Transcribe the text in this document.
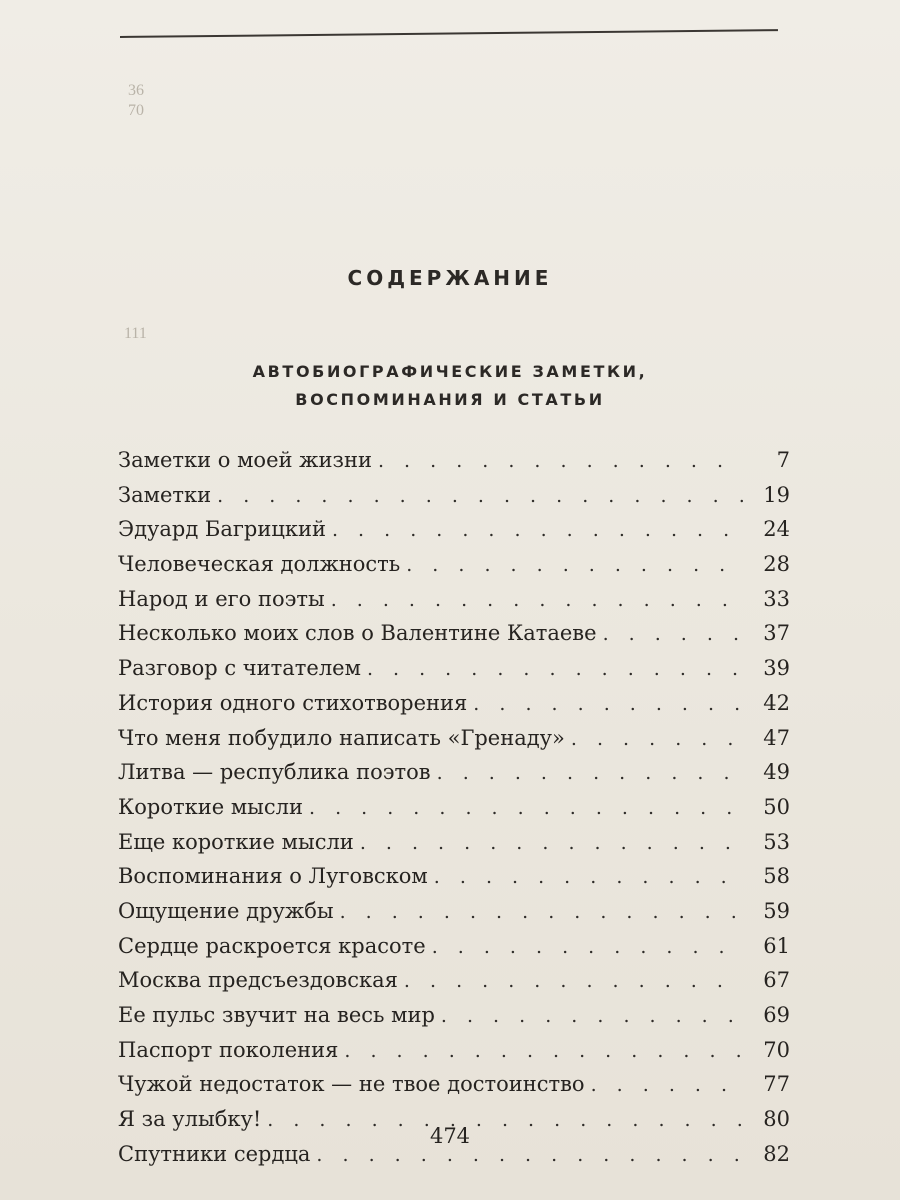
36
70
111
СОДЕРЖАНИЕ
АВТОБИОГРАФИЧЕСКИЕ ЗАМЕТКИ,
ВОСПОМИНАНИЯ И СТАТЬИ
Заметки о моей жизни . . .	7
Заметки . . .	19
Эдуард Багрицкий . . .	24
Человеческая должность . . .	28
Народ и его поэты . . .	33
Несколько моих слов о Валентине Катаеве . . .	37
Разговор с читателем . . .	39
История одного стихотворения . . .	42
Что меня побудило написать «Гренаду» . . .	47
Литва — республика поэтов . . .	49
Короткие мысли . . .	50
Еще короткие мысли . . .	53
Воспоминания о Луговском . . .	58
Ощущение дружбы . . .	59
Сердце раскроется красоте . . .	61
Москва предсъездовская . . .	67
Ее пульс звучит на весь мир . . .	69
Паспорт поколения . . .	70
Чужой недостаток — не твое достоинство . . .	77
Я за улыбку! . . .	80
Спутники сердца . . .	82
474
